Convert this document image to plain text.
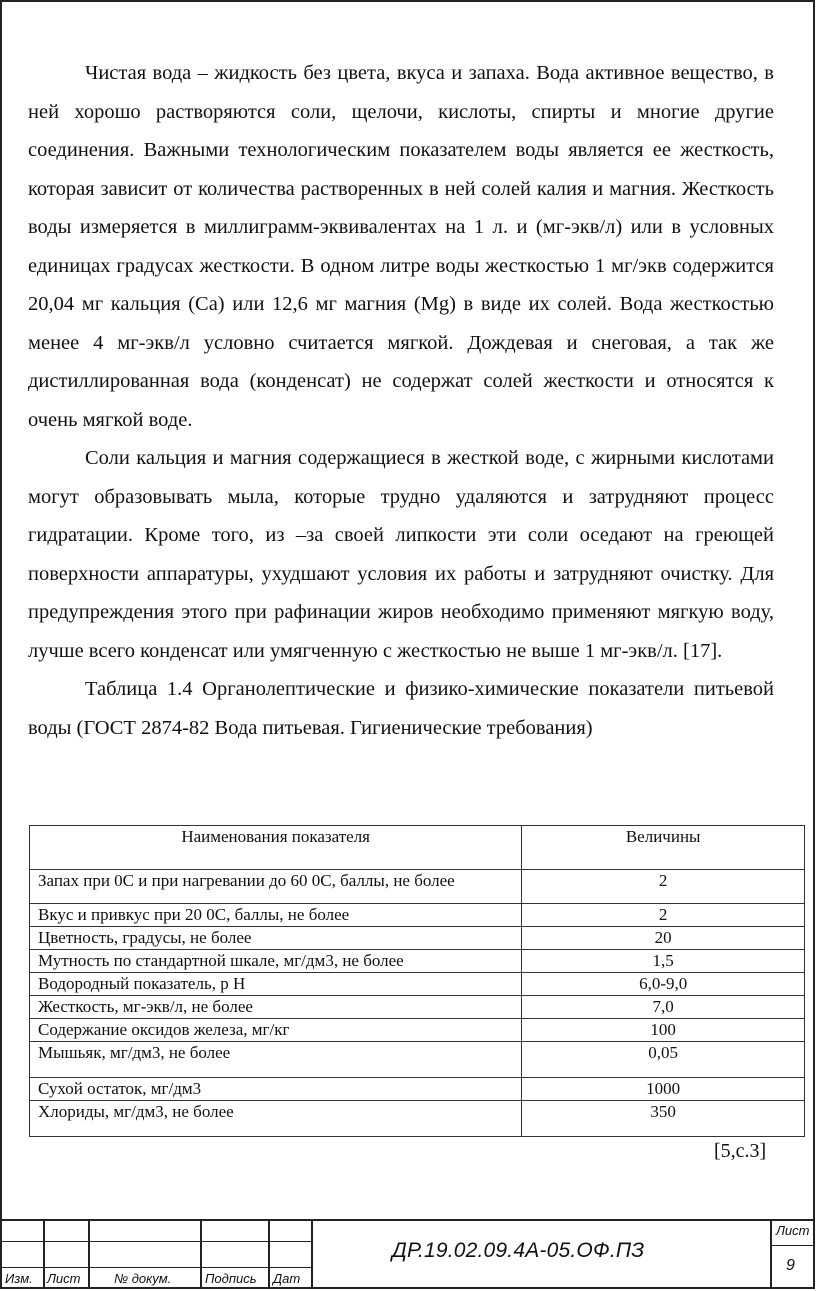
Чистая вода – жидкость без цвета, вкуса и запаха. Вода активное вещество, в ней хорошо растворяются соли, щелочи, кислоты, спирты и многие другие соединения. Важными технологическим показателем воды является ее жесткость, которая зависит от количества растворенных в ней солей калия и магния. Жесткость воды измеряется в миллиграмм-эквивалентах на 1 л. и (мг-экв/л) или в условных единицах градусах жесткости. В одном литре воды жесткостью 1 мг/экв содержится 20,04 мг кальция (Са) или 12,6 мг магния (Mg) в виде их солей. Вода жесткостью менее 4 мг-экв/л условно считается мягкой. Дождевая и снеговая, а так же дистиллированная вода (конденсат) не содержат солей жесткости и относятся к очень мягкой воде.

Соли кальция и магния содержащиеся в жесткой воде, с жирными кислотами могут образовывать мыла, которые трудно удаляются и затрудняют процесс гидратации. Кроме того, из –за своей липкости эти соли оседают на греющей поверхности аппаратуры, ухудшают условия их работы и затрудняют очистку. Для предупреждения этого при рафинации жиров необходимо применяют мягкую воду, лучше всего конденсат или умягченную с жесткостью не выше 1 мг-экв/л. [17].

Таблица 1.4 Органолептические и физико-химические показатели питьевой воды (ГОСТ 2874-82 Вода питьевая. Гигиенические требования)

Наименования показателя	Величины
Запах при 0С и при нагревании до 60 0С, баллы, не более	2
Вкус и привкус при 20 0С, баллы, не более	2
Цветность, градусы, не более	20
Мутность по стандартной шкале, мг/дм3, не более	1,5
Водородный показатель, р Н	6,0-9,0
Жесткость, мг-экв/л, не более	7,0
Содержание оксидов железа, мг/кг	100
Мышьяк, мг/дм3, не более	0,05
Сухой остаток, мг/дм3	1000
Хлориды, мг/дм3, не более	350
[5,с.3]
Изм. Лист	№ докум.	Подпись Дат
ДР.19.02.09.4А-05.ОФ.ПЗ
Лист
9
